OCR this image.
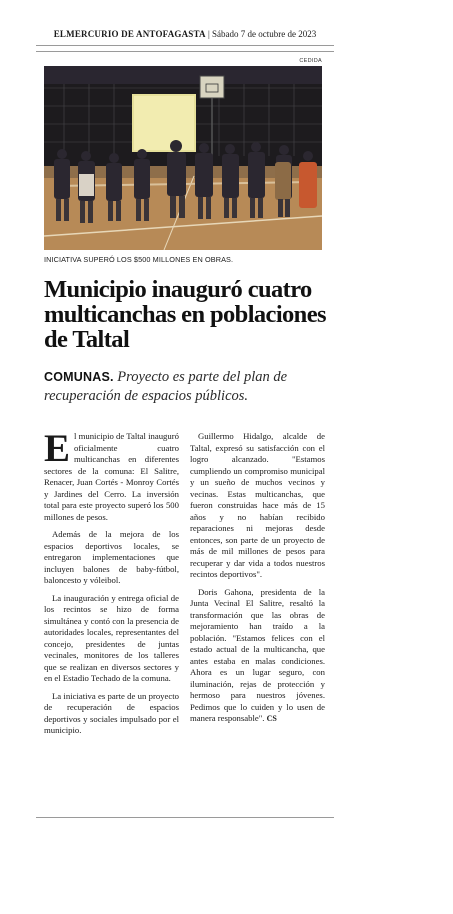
ELMERCURIO DE ANTOFAGASTA | Sábado 7 de octubre de 2023
CEDIDA
INICIATIVA SUPERÓ LOS $500 MILLONES EN OBRAS.
Municipio inauguró cuatro multicanchas en poblaciones de Taltal
COMUNAS. Proyecto es parte del plan de recuperación de espacios públicos.

El municipio de Taltal inauguró oficialmente cuatro multicanchas en diferentes sectores de la comuna: El Salitre, Renacer, Juan Cortés - Monroy Cortés y Jardines del Cerro. La inversión total para este proyecto superó los 500 millones de pesos.

Además de la mejora de los espacios deportivos locales, se entregaron implementaciones que incluyen balones de baby-fútbol, baloncesto y vóleibol.

La inauguración y entrega oficial de los recintos se hizo de forma simultánea y contó con la presencia de autoridades locales, representantes del concejo, presidentes de juntas vecinales, monitores de los talleres que se realizan en diversos sectores y en el Estadio Techado de la comuna.

La iniciativa es parte de un proyecto de recuperación de espacios deportivos y sociales impulsado por el municipio.

Guillermo Hidalgo, alcalde de Taltal, expresó su satisfacción con el logro alcanzado. "Estamos cumpliendo un compromiso municipal y un sueño de muchos vecinos y vecinas. Estas multicanchas, que fueron construidas hace más de 15 años y no habían recibido reparaciones ni mejoras desde entonces, son parte de un proyecto de más de mil millones de pesos para recuperar y dar vida a todos nuestros recintos deportivos".

Doris Gahona, presidenta de la Junta Vecinal El Salitre, resaltó la transformación que las obras de mejoramiento han traído a la población. "Estamos felices con el estado actual de la multicancha, que antes estaba en malas condiciones. Ahora es un lugar seguro, con iluminación, rejas de protección y hermoso para nuestros jóvenes. Pedimos que lo cuiden y lo usen de manera responsable". CS
